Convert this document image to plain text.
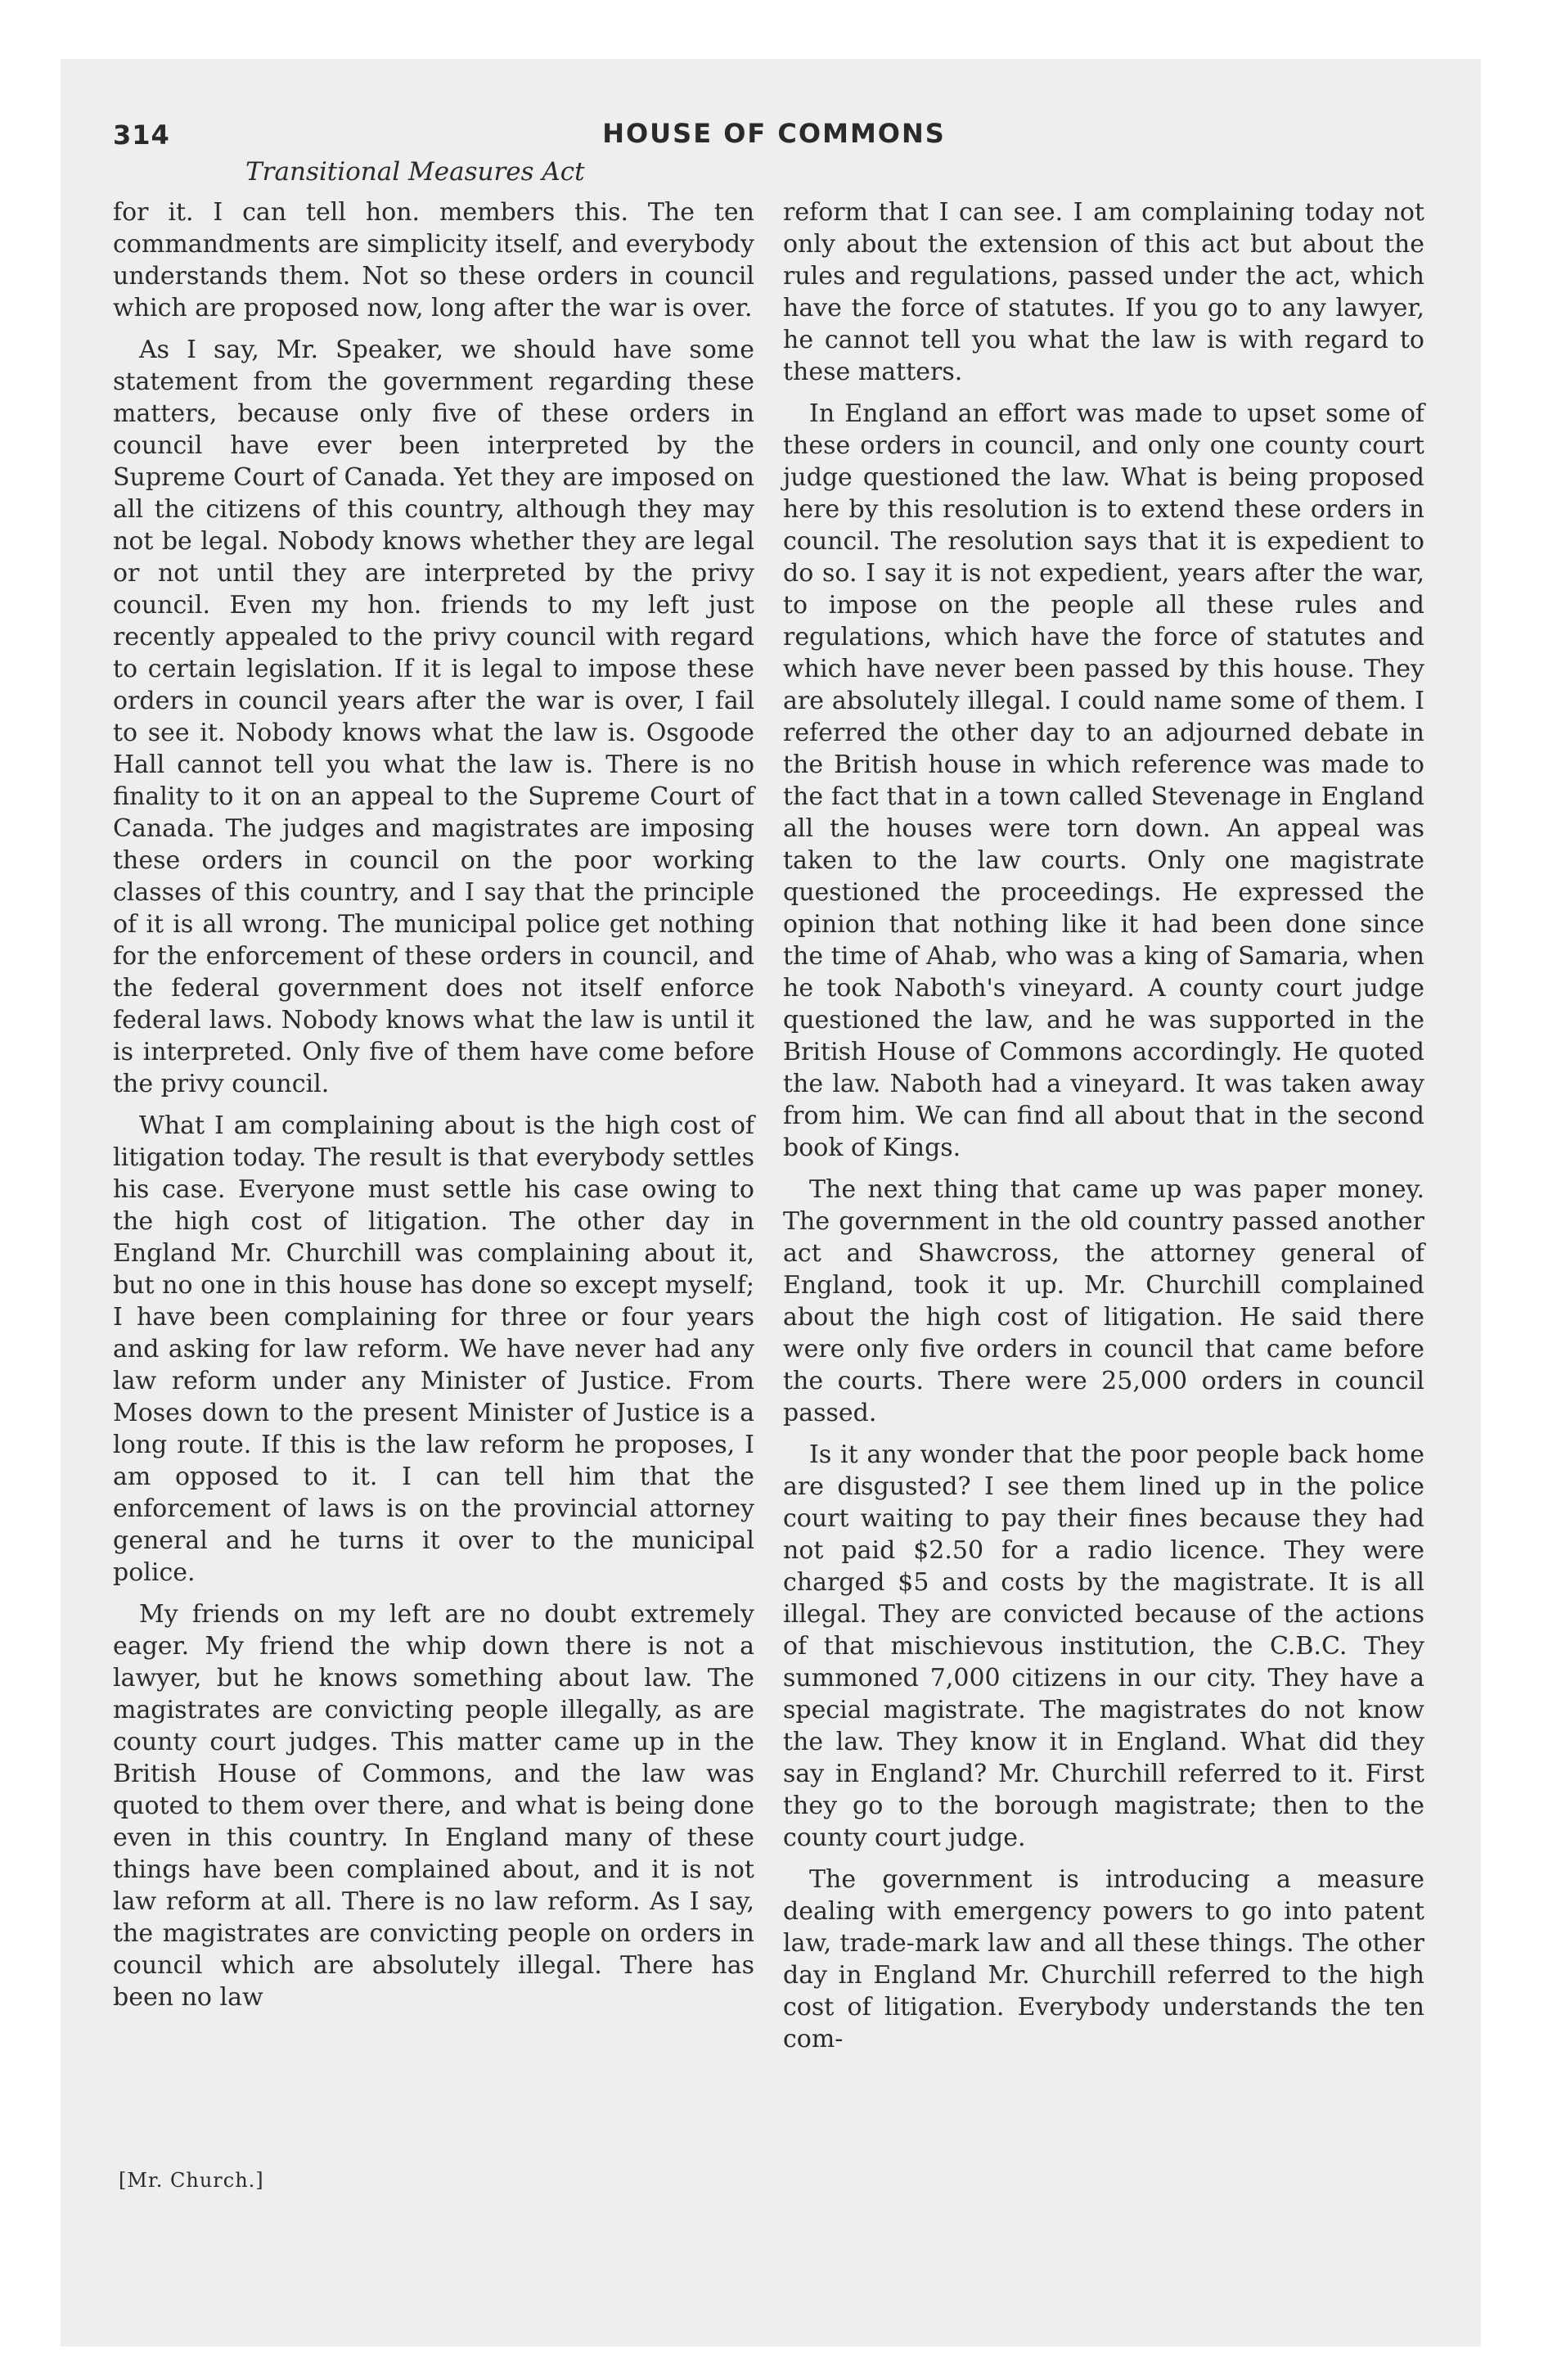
314	HOUSE OF COMMONS
Transitional Measures Act

for it. I can tell hon. members this. The ten commandments are simplicity itself, and everybody understands them. Not so these orders in council which are proposed now, long after the war is over.

As I say, Mr. Speaker, we should have some statement from the government regarding these matters, because only five of these orders in council have ever been interpreted by the Supreme Court of Canada. Yet they are imposed on all the citizens of this country, although they may not be legal. Nobody knows whether they are legal or not until they are interpreted by the privy council. Even my hon. friends to my left just recently appealed to the privy council with regard to certain legislation. If it is legal to impose these orders in council years after the war is over, I fail to see it. Nobody knows what the law is. Osgoode Hall cannot tell you what the law is. There is no finality to it on an appeal to the Supreme Court of Canada. The judges and magistrates are imposing these orders in council on the poor working classes of this country, and I say that the principle of it is all wrong. The municipal police get nothing for the enforcement of these orders in council, and the federal government does not itself enforce federal laws. Nobody knows what the law is until it is interpreted. Only five of them have come before the privy council.

What I am complaining about is the high cost of litigation today. The result is that everybody settles his case. Everyone must settle his case owing to the high cost of litigation. The other day in England Mr. Churchill was complaining about it, but no one in this house has done so except myself; I have been complaining for three or four years and asking for law reform. We have never had any law reform under any Minister of Justice. From Moses down to the present Minister of Justice is a long route. If this is the law reform he proposes, I am opposed to it. I can tell him that the enforcement of laws is on the provincial attorney general and he turns it over to the municipal police.

My friends on my left are no doubt extremely eager. My friend the whip down there is not a lawyer, but he knows something about law. The magistrates are convicting people illegally, as are county court judges. This matter came up in the British House of Commons, and the law was quoted to them over there, and what is being done even in this country. In England many of these things have been complained about, and it is not law reform at all. There is no law reform. As I say, the magistrates are convicting people on orders in council which are absolutely illegal. There has been no law

reform that I can see. I am complaining today not only about the extension of this act but about the rules and regulations, passed under the act, which have the force of statutes. If you go to any lawyer, he cannot tell you what the law is with regard to these matters.

In England an effort was made to upset some of these orders in council, and only one county court judge questioned the law. What is being proposed here by this resolution is to extend these orders in council. The resolution says that it is expedient to do so. I say it is not expedient, years after the war, to impose on the people all these rules and regulations, which have the force of statutes and which have never been passed by this house. They are absolutely illegal. I could name some of them. I referred the other day to an adjourned debate in the British house in which reference was made to the fact that in a town called Stevenage in England all the houses were torn down. An appeal was taken to the law courts. Only one magistrate questioned the proceedings. He expressed the opinion that nothing like it had been done since the time of Ahab, who was a king of Samaria, when he took Naboth's vineyard. A county court judge questioned the law, and he was supported in the British House of Commons accordingly. He quoted the law. Naboth had a vineyard. It was taken away from him. We can find all about that in the second book of Kings.

The next thing that came up was paper money. The government in the old country passed another act and Shawcross, the attorney general of England, took it up. Mr. Churchill complained about the high cost of litigation. He said there were only five orders in council that came before the courts. There were 25,000 orders in council passed.

Is it any wonder that the poor people back home are disgusted? I see them lined up in the police court waiting to pay their fines because they had not paid $2.50 for a radio licence. They were charged $5 and costs by the magistrate. It is all illegal. They are convicted because of the actions of that mischievous institution, the C.B.C. They summoned 7,000 citizens in our city. They have a special magistrate. The magistrates do not know the law. They know it in England. What did they say in England? Mr. Churchill referred to it. First they go to the borough magistrate; then to the county court judge.

The government is introducing a measure dealing with emergency powers to go into patent law, trade-mark law and all these things. The other day in England Mr. Churchill referred to the high cost of litigation. Everybody understands the ten com-

[Mr. Church.]
